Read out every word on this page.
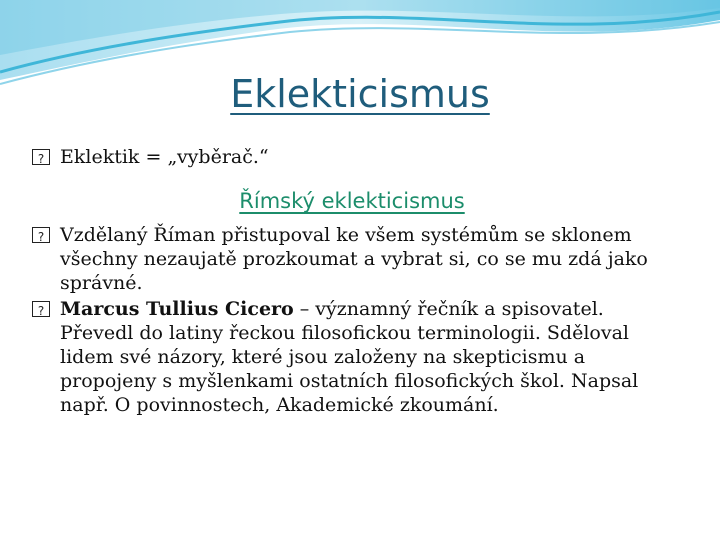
Eklekticismus
?
Eklektik = „vyběrač.“
Římský eklekticismus
?
Vzdělaný Říman přistupoval ke všem systémům se sklonem všechny nezaujatě prozkoumat a vybrat si, co se mu zdá jako správné.
?
Marcus Tullius Cicero – významný řečník a spisovatel. Převedl do latiny řeckou filosofickou terminologii. Sděloval lidem své názory, které jsou založeny na skepticismu a propojeny s myšlenkami ostatních filosofických škol. Napsal např. O povinnostech, Akademické zkoumání.
